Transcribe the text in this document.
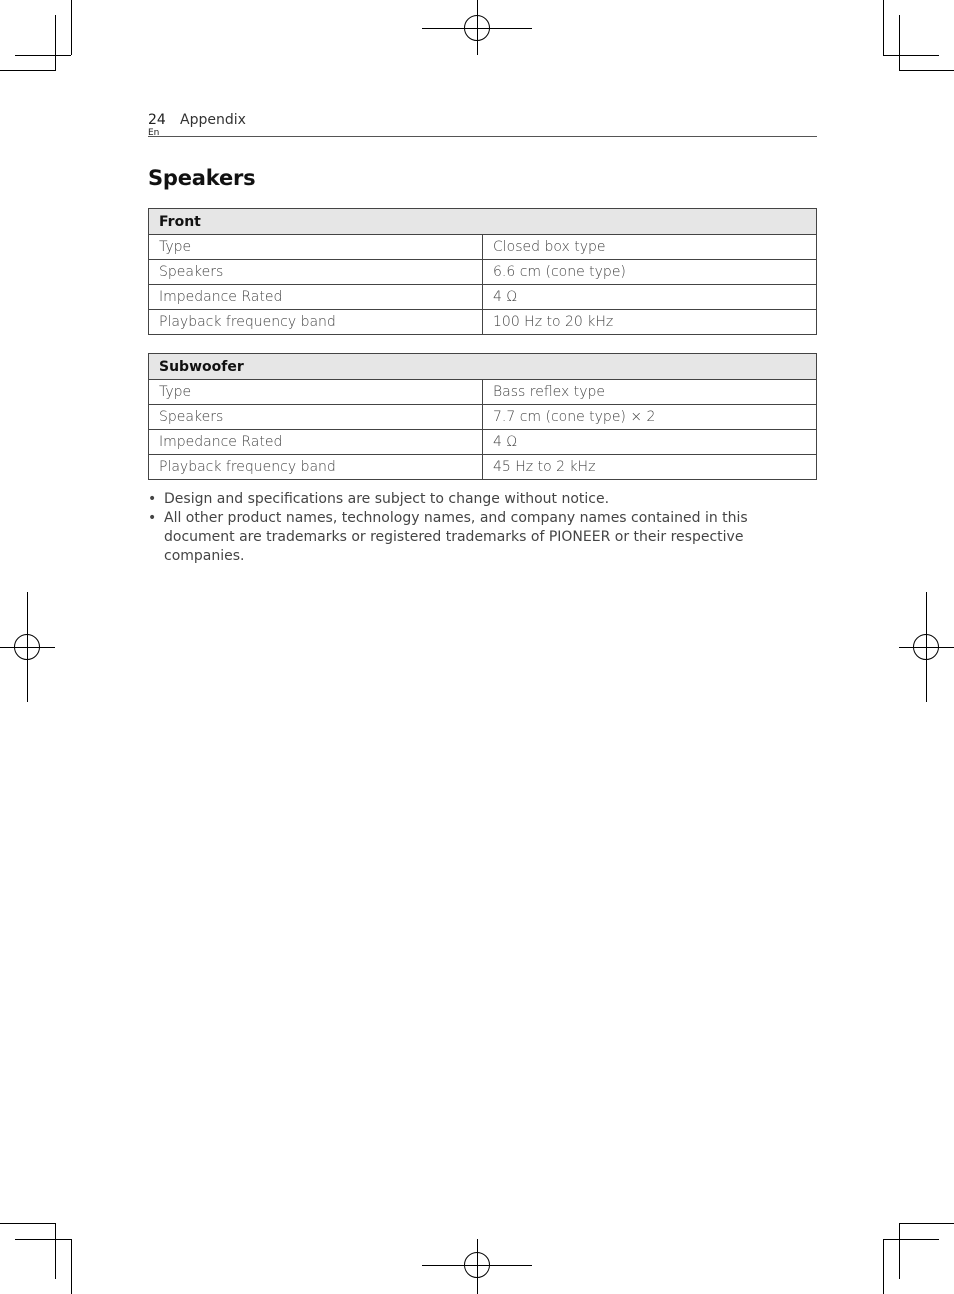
24
En
Appendix
Speakers
Front	
Type	Closed box type
Speakers	6.6 cm (cone type)
Impedance Rated	4 Ω
Playback frequency band	100 Hz to 20 kHz
Subwoofer	
Type	Bass reflex type
Speakers	7.7 cm (cone type) × 2
Impedance Rated	4 Ω
Playback frequency band	45 Hz to 2 kHz
• Design and specifications are subject to change without notice.
• All other product names, technology names, and company names contained in this document are trademarks or registered trademarks of PIONEER or their respective companies.
